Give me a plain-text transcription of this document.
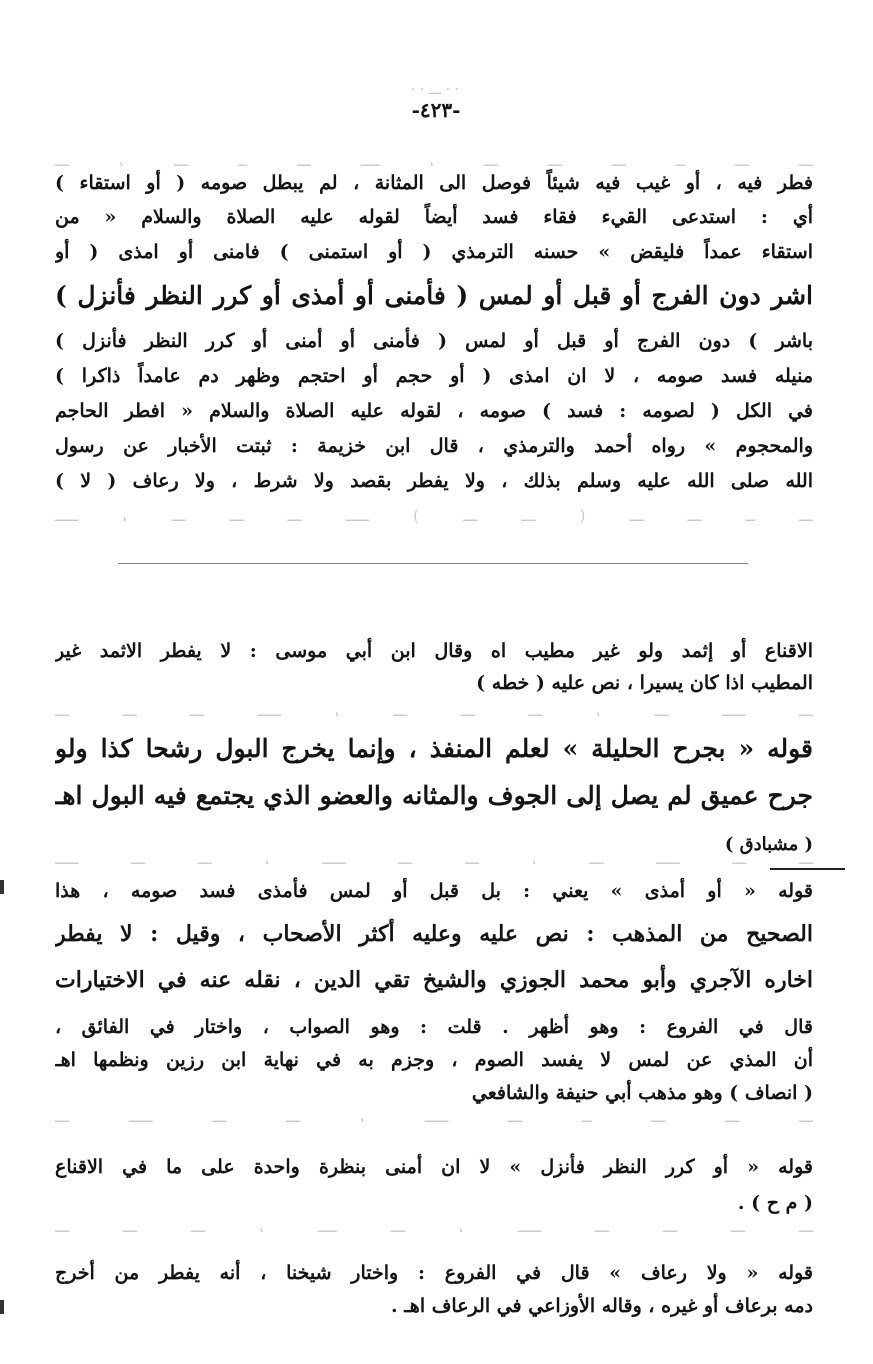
· · ـــ · ·
-٤٢٣-
ـــ ، ـــ ــ ـــ ــــ ، ـــ ـــ ـــ ــ ـــ ـــ
ـــــ ، ـــ ـــ ـــ ـــــ ( ـــ ـــ ) ـــ ـــ ــ ـــ
ـــ ـــ ـــ ـــــ ، ـــ ـــ ـــ ، ـــ ـــــ ـــ
ـــــ ـــ ـــ ، ـــــ ـــ ـــ ، ـــ ـــــ ـــ ـــ
ـــ ـــــ ـــ ـــ ، ـــــ ـــ ــ ـــ ـــ ـــ
ـــ ـــ ـــ ، ــــ ـــ ، ـــــ ـــ ـــ ـــ ـــ
فطر فيه ، أو غيب فيه شيئاً فوصل الى المثانة ، لم يبطل صومه ( أو استقاء )
أي : استدعى القيء فقاء فسد أيضاً لقوله عليه الصلاة والسلام « من
استقاء عمداً فليقض » حسنه الترمذي ( أو استمنى ) فامنى أو امذى ( أو
اشر دون الفرج أو قبل أو لمس ( فأمنى أو أمذى أو كرر النظر فأنزل )
باشر ) دون الفرج أو قبل أو لمس ( فأمنى أو أمنى أو كرر النظر فأنزل )
منيله فسد صومه ، لا ان امذى ( أو حجم أو احتجم وظهر دم عامداً ذاكرا )
في الكل ( لصومه : فسد ) صومه ، لقوله عليه الصلاة والسلام « افطر الحاجم
والمحجوم » رواه أحمد والترمذي ، قال ابن خزيمة : ثبتت الأخبار عن رسول
الله صلى الله عليه وسلم بذلك ، ولا يفطر بقصد ولا شرط ، ولا رعاف ( لا )
الاقناع أو إثمد ولو غير مطيب اه وقال ابن أبي موسى : لا يفطر الاثمد غير
المطيب اذا كان يسيرا ، نص عليه ( خطه )
قوله « بجرح الحليلة » لعلم المنفذ ، وإنما يخرج البول رشحا كذا ولو
جرح عميق لم يصل إلى الجوف والمثانه والعضو الذي يجتمع فيه البول اهـ
( مشبادق )
قوله « أو أمذى » يعني : بل قبل أو لمس فأمذى فسد صومه ، هذا
الصحيح من المذهب : نص عليه وعليه أكثر الأصحاب ، وقيل : لا يفطر
اخاره الآجري وأبو محمد الجوزي والشيخ تقي الدين ، نقله عنه في الاختيارات
قال في الفروع : وهو أظهر . قلت : وهو الصواب ، واختار في الفائق ،
أن المذي عن لمس لا يفسد الصوم ، وجزم به في نهاية ابن رزين ونظمها اهـ
( انصاف ) وهو مذهب أبي حنيفة والشافعي
قوله « أو كرر النظر فأنزل » لا ان أمنى بنظرة واحدة على ما في الاقناع
( م ح ) .
قوله « ولا رعاف » قال في الفروع : واختار شيخنا ، أنه يفطر من أخرج
دمه برعاف أو غيره ، وقاله الأوزاعي في الرعاف اهـ .
